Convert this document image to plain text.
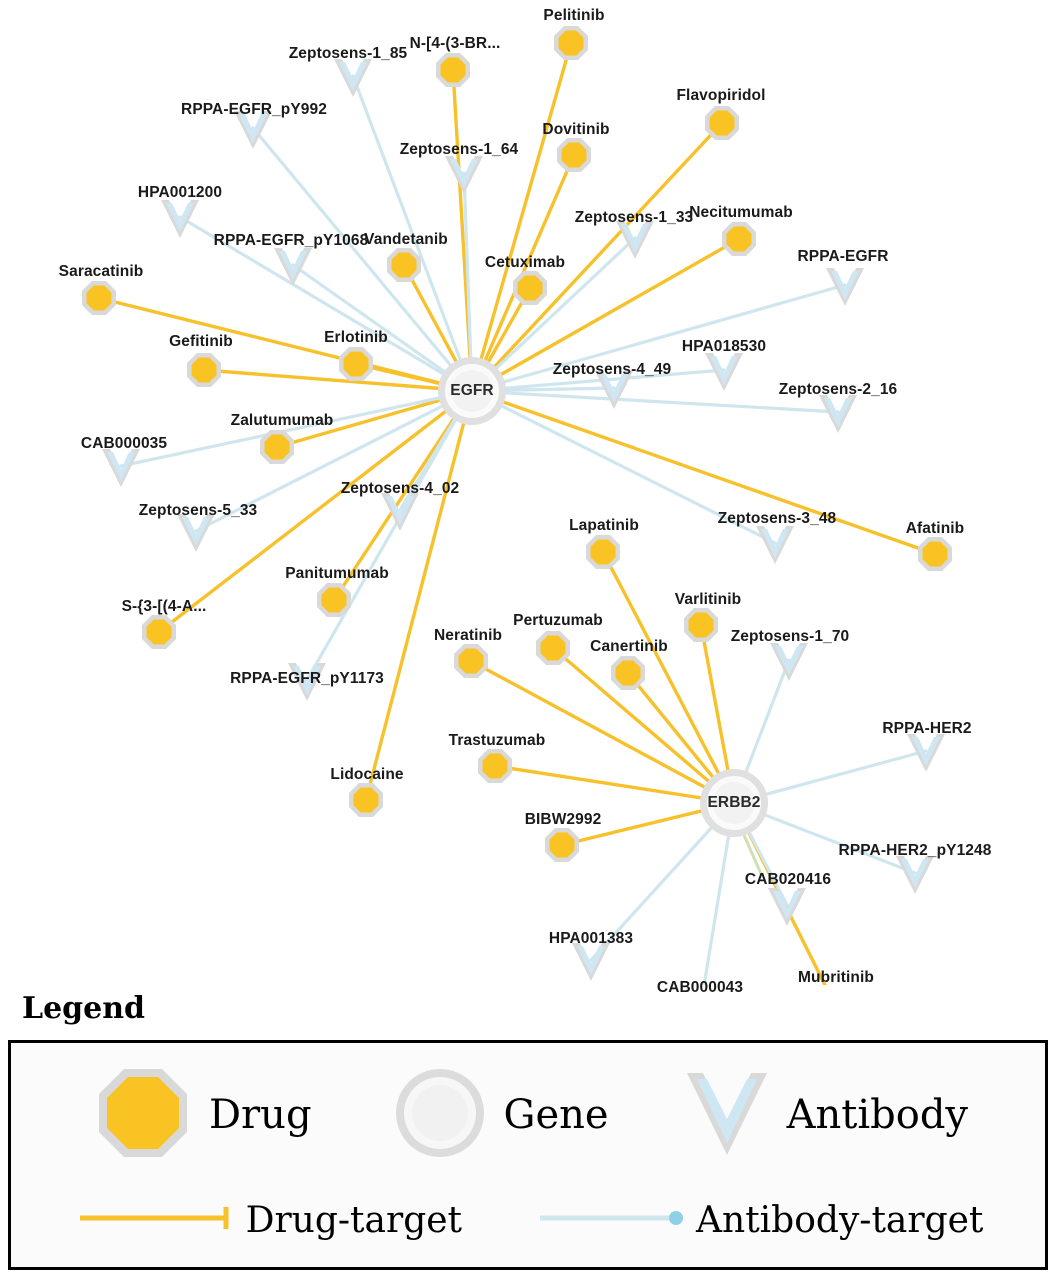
Pelitinib
N-[4-(3-BR...
Flavopiridol
Dovitinib
Necitumumab
Vandetanib
Cetuximab
Saracatinib
Erlotinib
Gefitinib
Zalutumumab
Afatinib
Lapatinib
Panitumumab
S-{3-[(4-A...	Varlitinib
Pertuzumab
Canertinib
Neratinib
Trastuzumab
Lidocaine
BIBW2992
Mubritinib
Zeptosens-1_85
RPPA-EGFR_pY992
Zeptosens-1_64
HPA001200
Zeptosens-1_33
RPPA-EGFR_pY1068
RPPA-EGFR
HPA018530
Zeptosens-4_49
Zeptosens-2_16
CAB000035
Zeptosens-4_02
Zeptosens-5_33	Zeptosens-3_48
RPPA-EGFR_pY1173
Zeptosens-1_70
RPPA-HER2
RPPA-HER2_pY1248
CAB020416
HPA001383
CAB000043
EGFR
ERBB2
Legend
Drug	Gene	Antibody
Drug-target	Antibody-target
